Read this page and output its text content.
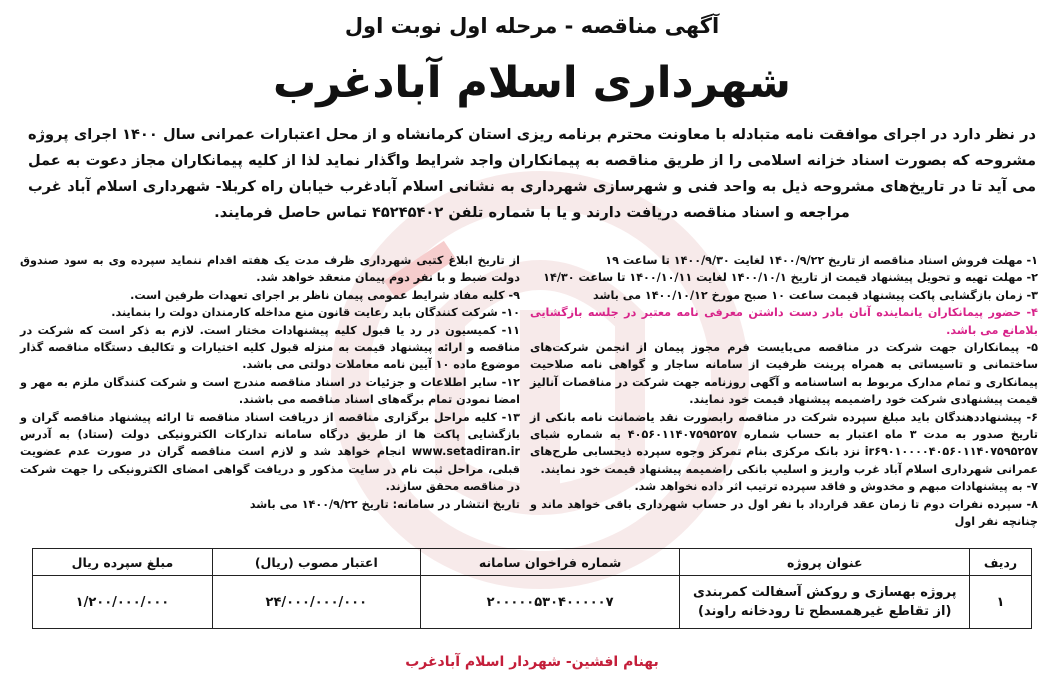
آگهی مناقصه - مرحله اول نوبت اول
شهرداری اسلام آبادغرب
در نظر دارد در اجرای موافقت نامه متبادله با معاونت محترم برنامه ریزی استان کرمانشاه و از محل اعتبارات عمرانی سال ۱۴۰۰ اجرای پروژه مشروحه که بصورت اسناد خزانه اسلامی را از طریق مناقصه به پیمانکاران واجد شرایط واگذار نماید لذا از کلیه پیمانکاران مجاز دعوت به عمل می آید تا در تاریخ‌های مشروحه ذیل به واحد فنی و شهرسازی شهرداری به نشانی اسلام آبادغرب خیابان راه کربلا- شهرداری اسلام آباد غرب مراجعه و اسناد مناقصه دریافت دارند و یا با شماره تلفن ۴۵۲۴۵۴۰۲ تماس حاصل فرمایند.

۱- مهلت فروش اسناد مناقصه از تاریخ ۱۴۰۰/۹/۲۲ لغایت ۱۴۰۰/۹/۳۰ تا ساعت ۱۹

۲- مهلت تهیه و تحویل پیشنهاد قیمت از تاریخ ۱۴۰۰/۱۰/۱ لغایت ۱۴۰۰/۱۰/۱۱ تا ساعت ۱۴/۳۰

۳- زمان بازگشایی پاکت پیشنهاد قیمت ساعت ۱۰ صبح مورخ ۱۴۰۰/۱۰/۱۲ می باشد

۴- حضور پیمانکاران یانماینده آنان بادر دست داشتن معرفی نامه معتبر در جلسه بازگشایی بلامانع می باشد.

۵- پیمانکاران جهت شرکت در مناقصه می‌بایست فرم مجوز پیمان از انجمن شرکت‌های ساختمانی و تاسیساتی به همراه پرینت ظرفیت از سامانه ساجار و گواهی نامه صلاحیت پیمانکاری و تمام مدارک مربوط به اساسنامه و آگهی روزنامه جهت شرکت در مناقصات آنالیز قیمت پیشنهادی شرکت خود راضمیمه پیشنهاد قیمت خود نمایند.

۶- پیشنهاددهندگان باید مبلغ سپرده شرکت در مناقصه رابصورت نقد یاضمانت نامه بانکی از تاریخ صدور به مدت ۳ ماه اعتبار به حساب شماره ۴۰۵۶۰۱۱۴۰۷۵۹۵۲۵۷ به شماره شبای ir۶۹۰۱۰۰۰۰۴۰۵۶۰۱۱۴۰۷۵۹۵۲۵۷ نزد بانک مرکزی بنام تمرکز وجوه سپرده ذیحسابی طرح‌های عمرانی شهرداری اسلام آباد غرب واریز و اسلیپ بانکی راضمیمه پیشنهاد قیمت خود نمایند.

۷- به پیشنهادات مبهم و مخدوش و فاقد سپرده ترتیب اثر داده نخواهد شد.

۸- سپرده نفرات دوم تا زمان عقد قرارداد با نفر اول در حساب شهرداری باقی خواهد ماند و چنانچه نفر اول

از تاریخ ابلاغ کتبی شهرداری ظرف مدت یک هفته اقدام ننماید سپرده وی به سود صندوق دولت ضبط و با نفر دوم پیمان منعقد خواهد شد.

۹- کلیه مفاد شرایط عمومی پیمان ناظر بر اجرای تعهدات طرفین است.

۱۰- شرکت کنندگان باید رعایت قانون منع مداخله کارمندان دولت را بنمایند.

۱۱- کمیسیون در رد یا قبول کلیه پیشنهادات مختار است. لازم به ذکر است که شرکت در مناقصه و ارائه پیشنهاد قیمت به منزله قبول کلیه اختیارات و تکالیف دستگاه مناقصه گذار موضوع ماده ۱۰ آیین نامه معاملات دولتی می باشد.

۱۲- سایر اطلاعات و جزئیات در اسناد مناقصه مندرج است و شرکت کنندگان ملزم به مهر و امضا نمودن تمام برگه‌های اسناد مناقصه می باشند.

۱۳- کلیه مراحل برگزاری مناقصه از دریافت اسناد مناقصه تا ارائه پیشنهاد مناقصه گران و بازگشایی پاکت ها از طریق درگاه سامانه تدارکات الکترونیکی دولت (ستاد) به آدرس www.setadiran.ir انجام خواهد شد و لازم است مناقصه گران در صورت عدم عضویت قبلی، مراحل ثبت نام در سایت مذکور و دریافت گواهی امضای الکترونیکی را جهت شرکت در مناقصه محقق سازند.

تاریخ انتشار در سامانه: تاریخ ۱۴۰۰/۹/۲۲ می باشد

ردیف	عنوان پروژه	شماره فراخوان سامانه	اعتبار مصوب (ریال)	مبلغ سپرده ریال
۱	پروژه بهسازی و روکش آسفالت کمربندی
(از تقاطع غیرهمسطح تا رودخانه راوند)	۲۰۰۰۰۰۵۳۰۴۰۰۰۰۰۷	۲۴/۰۰۰/۰۰۰/۰۰۰	۱/۲۰۰/۰۰۰/۰۰۰
بهنام افشین- شهردار اسلام آبادغرب
